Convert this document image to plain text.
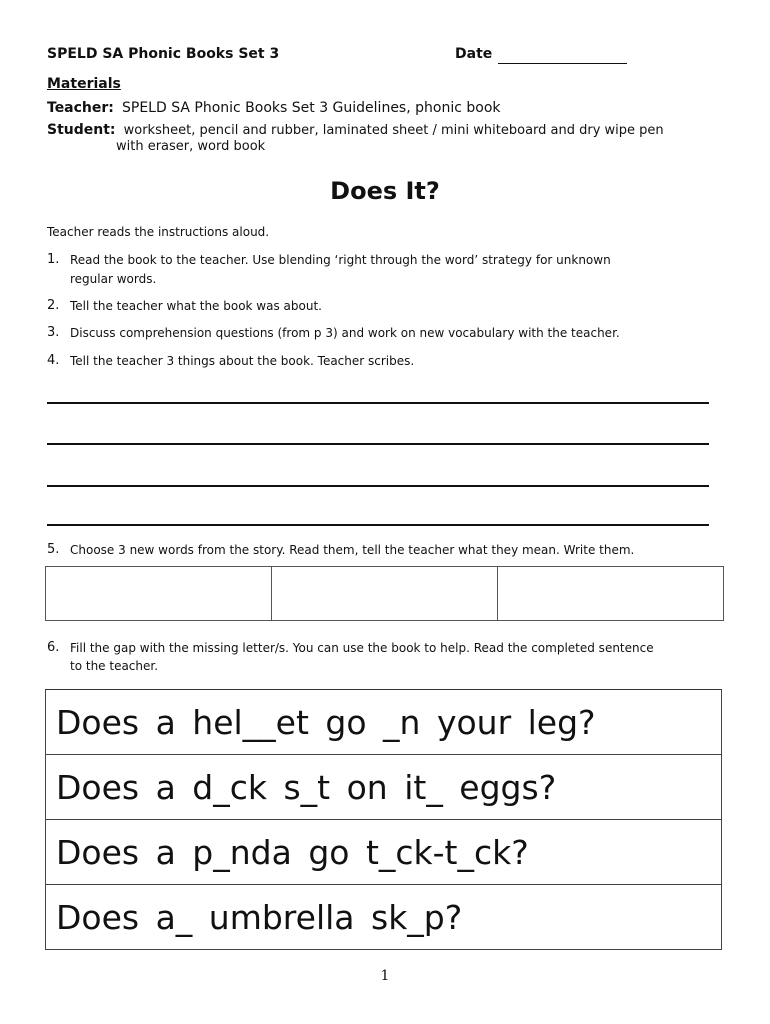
SPELD SA Phonic Books Set 3	Date
Materials
Teacher: SPELD SA Phonic Books Set 3 Guidelines, phonic book
Student: worksheet, pencil and rubber, laminated sheet / mini whiteboard and dry wipe pen
with eraser, word book
Does It?
Teacher reads the instructions aloud.
1. Read the book to the teacher. Use blending ‘right through the word’ strategy for unknown
regular words.
2. Tell the teacher what the book was about.
3. Discuss comprehension questions (from p 3) and work on new vocabulary with the teacher.
4. Tell the teacher 3 things about the book. Teacher scribes.
5. Choose 3 new words from the story. Read them, tell the teacher what they mean. Write them.

6. Fill the gap with the missing letter/s. You can use the book to help. Read the completed sentence
to the teacher.
Does a hel__et go _n your leg?
Does a d_ck s_t on it_ eggs?
Does a p_nda go t_ck-t_ck?
Does a_ umbrella sk_p?
1
